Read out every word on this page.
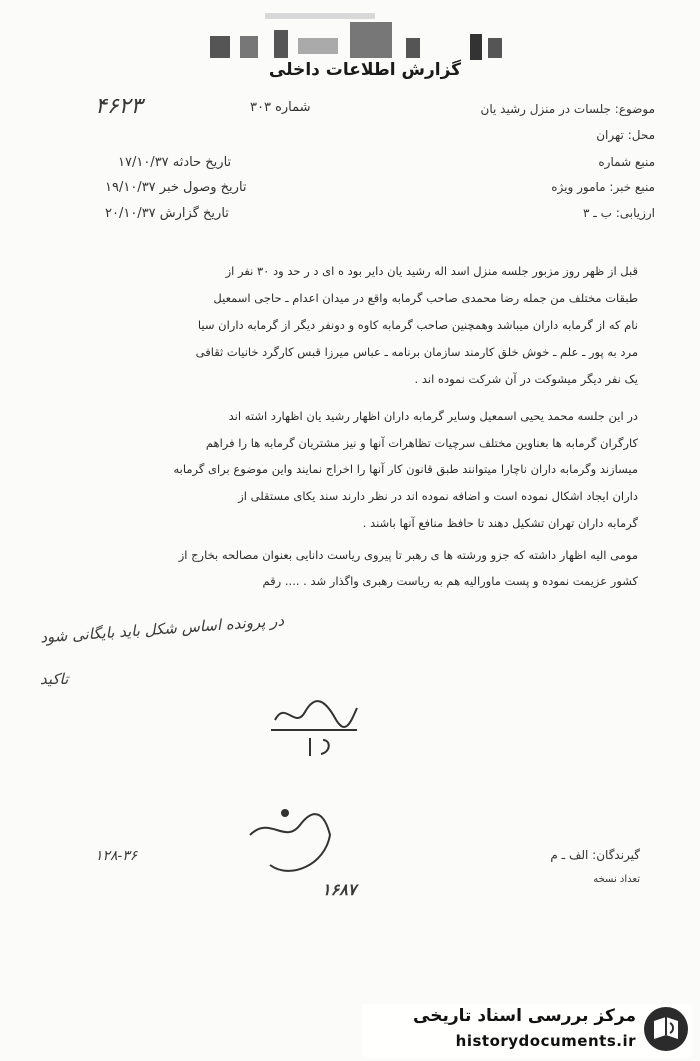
گزارش اطلاعات داخلی
موضوع: جلسات در منزل رشید یان
محل: تهران
منبع شماره
منبع خبر: مامور ویژه
ارزیابی: ب ـ ۳
شماره ۳۰۳
۴۶۲۳
تاریخ حادثه ۱۷/۱۰/۳۷
تاریخ وصول خبر ۱۹/۱۰/۳۷
تاریخ گزارش ۲۰/۱۰/۳۷
قبل از ظهر روز مزبور جلسه منزل اسد اله رشید یان دایر بود ه ای د ر حد ود ۳۰ نفر از
طبقات مختلف من جمله رضا محمدی صاحب گرمابه واقع در میدان اعدام ـ حاجی اسمعیل
نام که از گرمابه داران میباشد وهمچنین صاحب گرمابه کاوه و دونفر دیگر از گرمابه داران سیا
مرد به پور ـ علم ـ خوش خلق کارمند سازمان برنامه ـ عباس میرزا قبس کارگرد خانیات ثقافی
یک نفر دیگر میشوکت در آن شرکت نموده اند .
در این جلسه محمد یحیی اسمعیل وسایر گرمابه داران اظهار رشید یان اظهارد اشته اند
کارگران گرمابه ها بعناوین مختلف سرچیات تظاهرات آنها و نیز مشتریان گرمابه ها را فراهم
میسازند وگرمابه داران ناچارا میتوانند طبق قانون کار آنها را اخراج نمایند واین موضوع برای گرمابه
داران ایجاد اشکال نموده است و اضافه نموده اند در نظر دارند سند یکای مستقلی از
گرمابه داران تهران تشکیل دهند تا حافظ منافع آنها باشند .
مومی الیه اظهار داشته که جزو ورشته ها ی رهبر تا پیروی ریاست دانایی بعنوان مصالحه بخارج از
کشور عزیمت نموده و پست ماورالیه هم به ریاست رهبری واگذار شد . .... رقم
در پرونده اساس شکل باید بایگانی شود
تاکید
گیرندگان: الف ـ م
تعداد نسخه
۱۲۸-۳۶
۱۶۸۷
مرکز بررسی اسناد تاریخی
historydocuments.ir
